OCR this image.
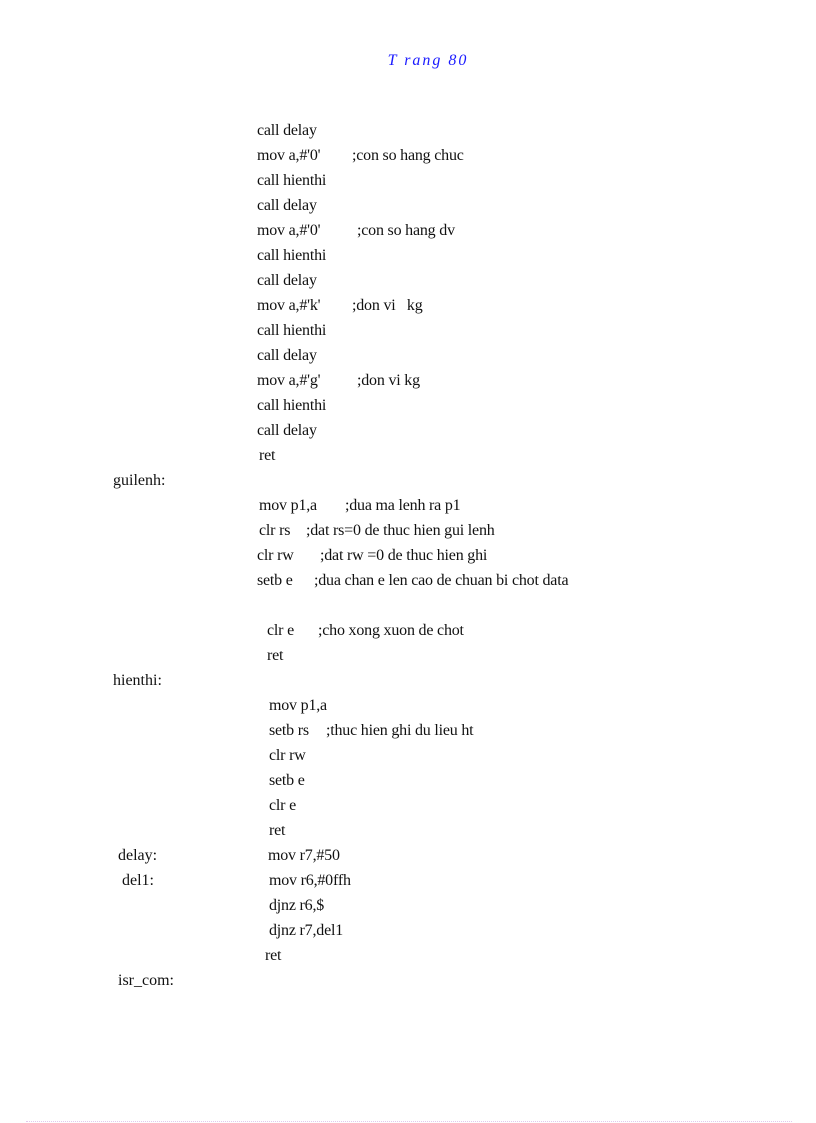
T rang 80
call delay
mov a,#'0' ;con so hang chuc
call hienthi
call delay
mov a,#'0' ;con so hang dv
call hienthi
call delay
mov a,#'k' ;don vi   kg
call hienthi
call delay
mov a,#'g' ;don vi kg
call hienthi
call delay
ret
guilenh:
mov p1,a ;dua ma lenh ra p1
clr rs ;dat rs=0 de thuc hien gui lenh
clr rw ;dat rw =0 de thuc hien ghi
setb e ;dua chan e len cao de chuan bi chot data
clr e ;cho xong xuon de chot
ret
hienthi:
mov p1,a
setb rs ;thuc hien ghi du lieu ht
clr rw
setb e
clr e
ret
delay:	mov r7,#50
del1:	mov r6,#0ffh
djnz r6,$
djnz r7,del1
ret
isr_com:
